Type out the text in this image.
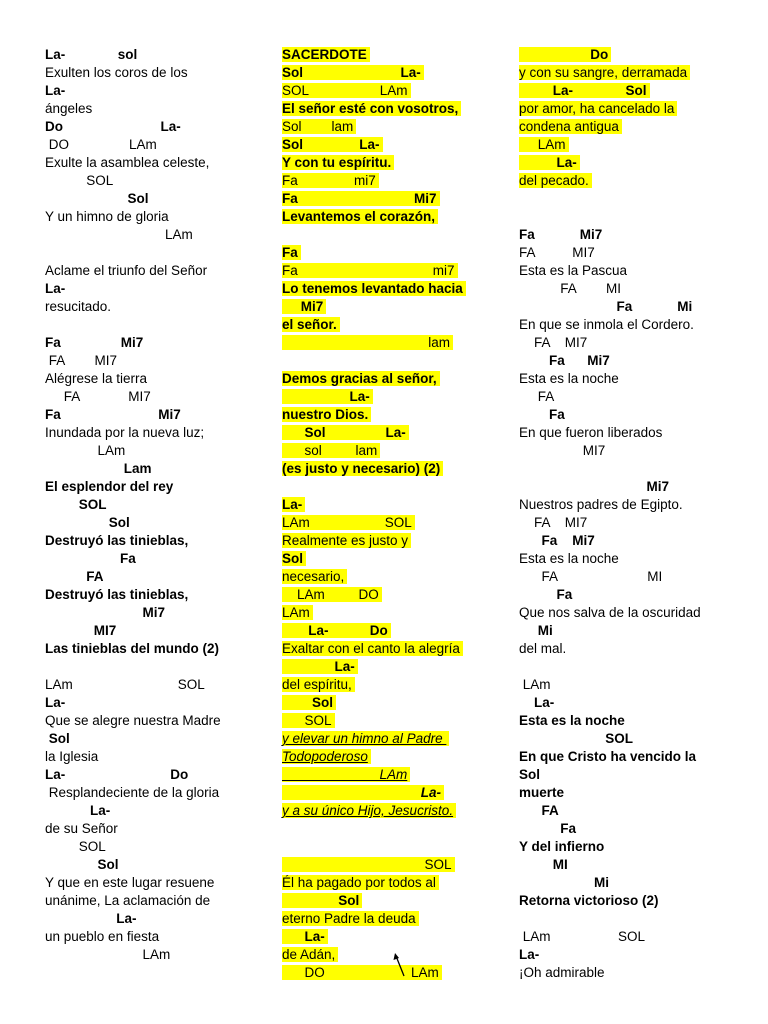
La-              sol
Exulten los coros de los
La-
ángeles
Do                          La-
DO                LAm
Exulte la asamblea celeste,
SOL
Sol
Y un himno de gloria
LAm
Aclame el triunfo del Señor
La-
resucitado.
Fa                Mi7
FA        MI7
Alégrese la tierra
FA             MI7
Fa                          Mi7
Inundada por la nueva luz;
LAm
Lam
El esplendor del rey
SOL
Sol
Destruyó las tinieblas,
Fa
FA
Destruyó las tinieblas,
Mi7
MI7
Las tinieblas del mundo (2)
LAm                            SOL
La-
Que se alegre nuestra Madre
Sol
la Iglesia
La-                            Do
Resplandeciente de la gloria
La-
de su Señor
SOL
Sol
Y que en este lugar resuene
unánime, La aclamación de
La-
un pueblo en fiesta
LAm
SACERDOTE
Sol                          La-
SOL                   LAm
El señor esté con vosotros,
Sol        lam
Sol               La-
Y con tu espíritu.
Fa               mi7
Fa                               Mi7
Levantemos el corazón,
Fa
Fa                                    mi7
Lo tenemos levantado hacia
Mi7
el señor.
lam
Demos gracias al señor,
La-
nuestro Dios.
Sol                La-
sol         lam
(es justo y necesario) (2)
La-
LAm                    SOL
Realmente es justo y
Sol
necesario,
LAm         DO
LAm
La-           Do
Exaltar con el canto la alegría
La-
del espíritu,
Sol
SOL
y elevar un himno al Padre
Todopoderoso
LAm
La-
y a su único Hijo, Jesucristo.
SOL
Él ha pagado por todos al
Sol
eterno Padre la deuda
La-
de Adán,
DO                       LAm
Do
y con su sangre, derramada
La-              Sol
por amor, ha cancelado la
condena antigua
LAm
La-
del pecado.
Fa            Mi7
FA          MI7
Esta es la Pascua
FA        MI
Fa            Mi
En que se inmola el Cordero.
FA    MI7
Fa      Mi7
Esta es la noche
FA
Fa
En que fueron liberados
MI7
Mi7
Nuestros padres de Egipto.
FA    MI7
Fa    Mi7
Esta es la noche
FA                        MI
Fa
Que nos salva de la oscuridad
Mi
del mal.
LAm
La-
Esta es la noche
SOL
En que Cristo ha vencido la
Sol
muerte
FA
Fa
Y del infierno
MI
Mi
Retorna victorioso (2)
LAm                  SOL
La-
¡Oh admirable
